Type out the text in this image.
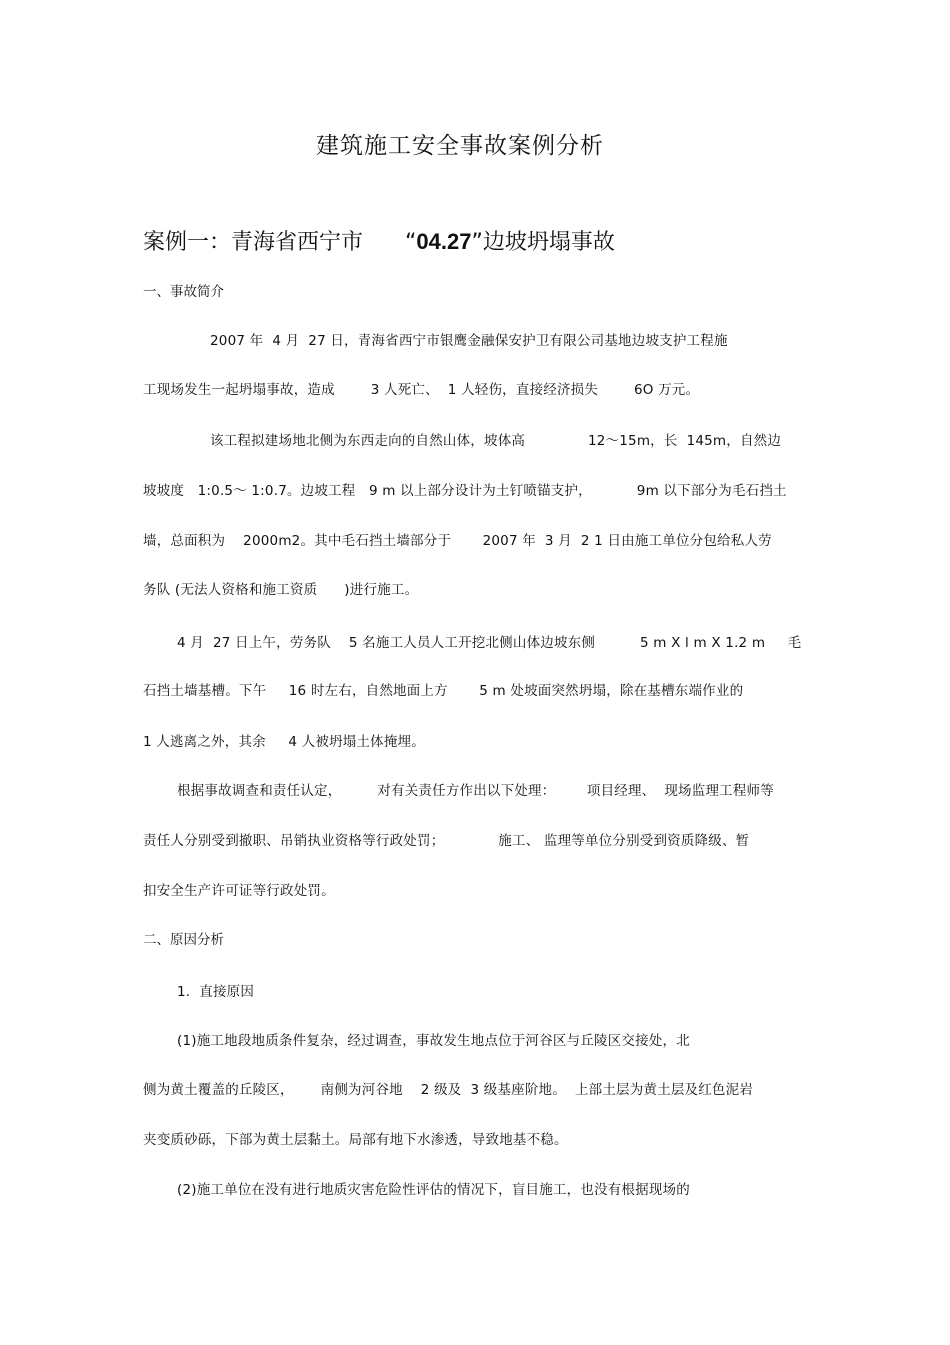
建筑施工安全事故案例分析
案例一：青海省西宁市 “04.27”边坡坍塌事故
一、事故简介
2007 年  4 月  27 日，青海省西宁市银鹰金融保安护卫有限公司基地边坡支护工程施
工现场发生一起坍塌事故，造成        3 人死亡、  1 人轻伤，直接经济损失        6O 万元。
该工程拟建场地北侧为东西走向的自然山体，坡体高              12～15m，长  145m，自然边
坡坡度   1:0.5～ 1:0.7。边坡工程   9 m 以上部分设计为土钉喷锚支护，          9m 以下部分为毛石挡土
墙，总面积为    2000m2。其中毛石挡土墙部分于       2007 年  3 月  2 1 日由施工单位分包给私人劳
务队 (无法人资格和施工资质      )进行施工。
4 月  27 日上午，劳务队    5 名施工人员人工开挖北侧山体边坡东侧          5 m X l m X 1.2 m     毛
石挡土墙基槽。下午     16 时左右，自然地面上方       5 m 处坡面突然坍塌，除在基槽东端作业的
1 人逃离之外，其余     4 人被坍塌土体掩埋。
根据事故调查和责任认定，        对有关责任方作出以下处理：       项目经理、  现场监理工程师等
责任人分别受到撤职、吊销执业资格等行政处罚；            施工、 监理等单位分别受到资质降级、暂
扣安全生产许可证等行政处罚。
二、原因分析
1.  直接原因
(1)施工地段地质条件复杂，经过调查，事故发生地点位于河谷区与丘陵区交接处，北
侧为黄土覆盖的丘陵区，      南侧为河谷地    2 级及  3 级基座阶地。  上部土层为黄土层及红色泥岩
夹变质砂砾，下部为黄土层黏土。局部有地下水渗透，导致地基不稳。
(2)施工单位在没有进行地质灾害危险性评估的情况下，盲目施工，也没有根据现场的
